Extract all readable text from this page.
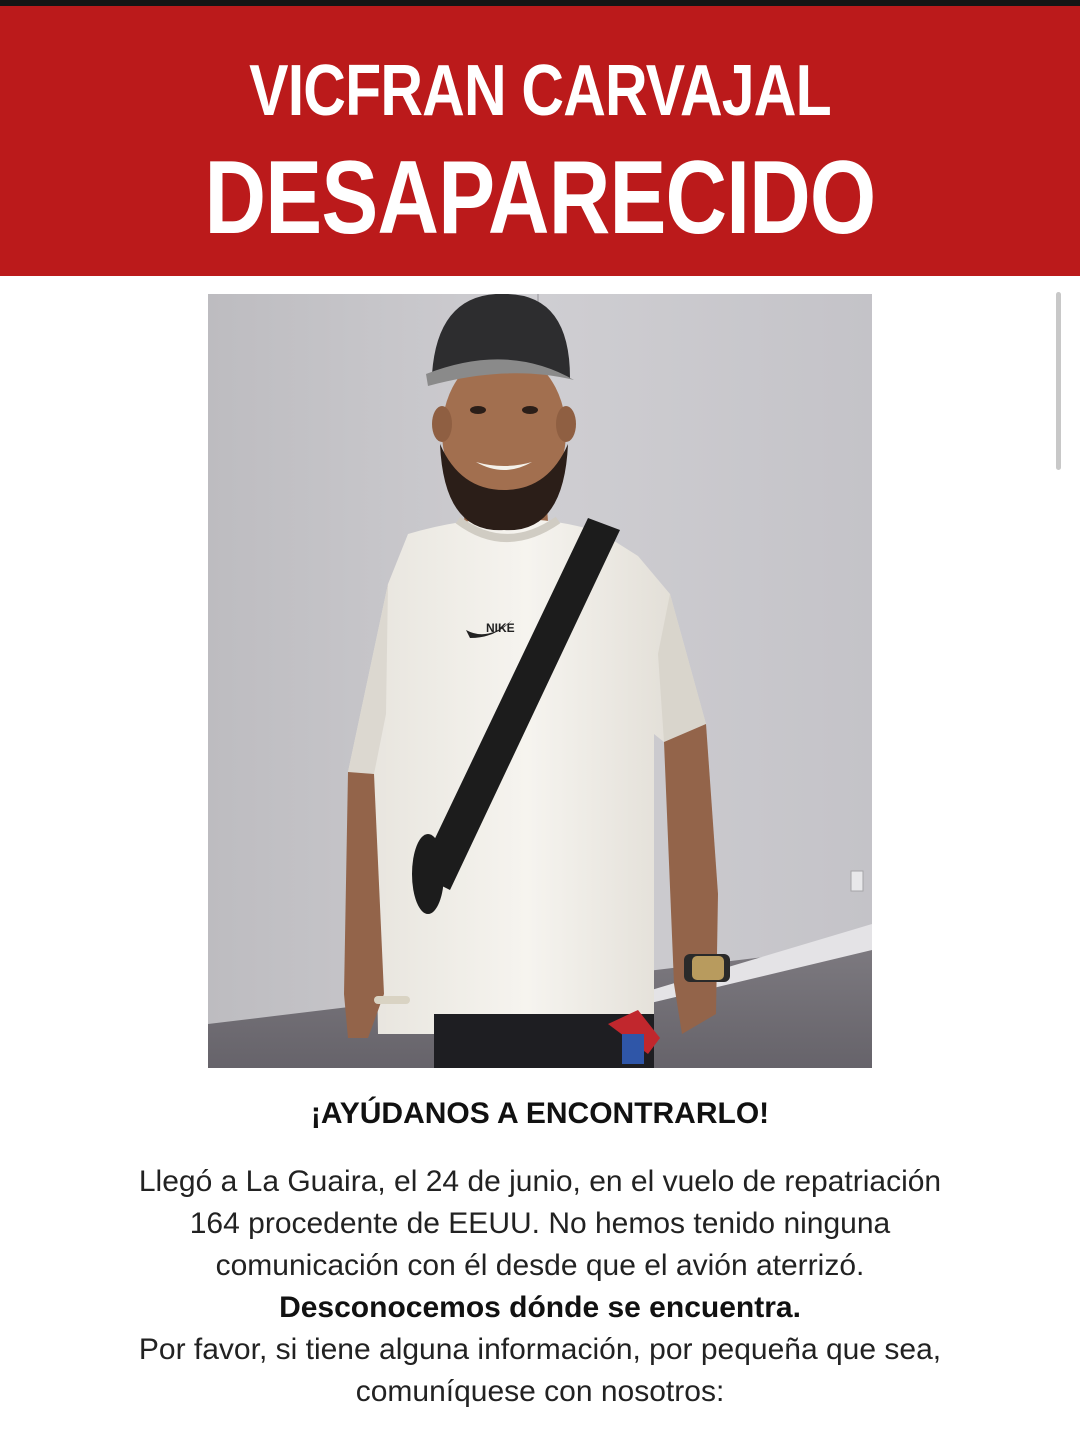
VICFRAN CARVAJAL
DESAPARECIDO
NIKE
¡AYÚDANOS A ENCONTRARLO!
Llegó a La Guaira, el 24 de junio, en el vuelo de repatriación
164 procedente de EEUU. No hemos tenido ninguna
comunicación con él desde que el avión aterrizó.
Desconocemos dónde se encuentra.
Por favor, si tiene alguna información, por pequeña que sea,
comuníquese con nosotros:
